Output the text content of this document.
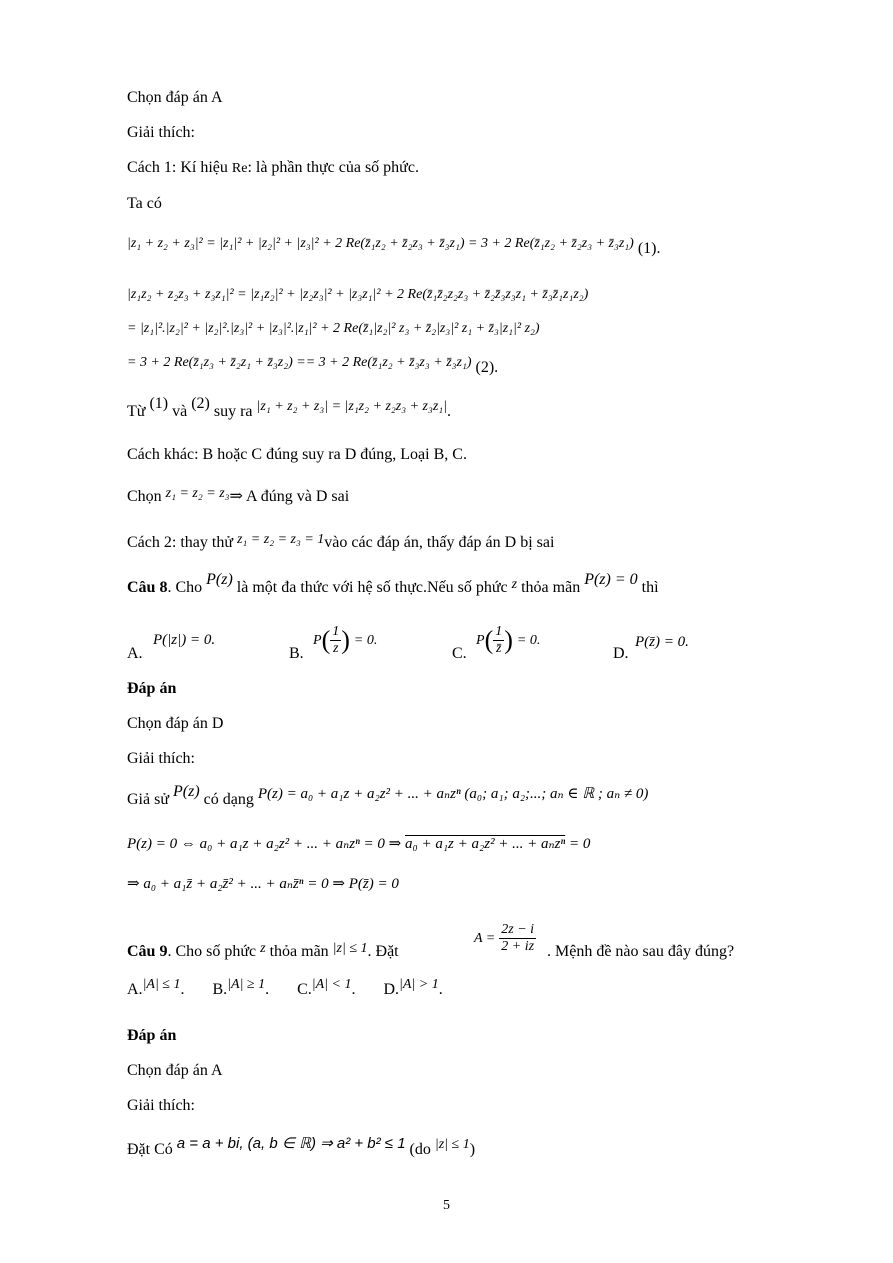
Chọn đáp án A
Giải thích:
Cách 1: Kí hiệu Re: là phần thực của số phức.
Ta có
|z₁ + z₂ + z₃|² = |z₁|² + |z₂|² + |z₃|² + 2 Re(z̄₁z₂ + z̄₂z₃ + z̄₃z₁) = 3 + 2 Re(z̄₁z₂ + z̄₂z₃ + z̄₃z₁) (1).
|z₁z₂ + z₂z₃ + z₃z₁|² = |z₁z₂|² + |z₂z₃|² + |z₃z₁|² + 2 Re(z̄₁z̄₂z₂z₃ + z̄₂z̄₃z₃z₁ + z̄₃z̄₁z₁z₂)
= |z₁|².|z₂|² + |z₂|².|z₃|² + |z₃|².|z₁|² + 2 Re(z̄₁|z₂|² z₃ + z̄₂|z₃|² z₁ + z̄₃|z₁|² z₂)
= 3 + 2 Re(z̄₁z₃ + z̄₂z₁ + z̄₃z₂) == 3 + 2 Re(z̄₁z₂ + z̄₃z₃ + z̄₃z₁) (2).
Từ (1) và (2) suy ra |z₁ + z₂ + z₃| = |z₁z₂ + z₂z₃ + z₃z₁|.
Cách khác: B hoặc C đúng suy ra D đúng, Loại B, C.
Chọn z₁ = z₂ = z₃⇒ A đúng và D sai
Cách 2: thay thử z₁ = z₂ = z₃ = 1vào các đáp án, thấy đáp án D bị sai
Câu 8. Cho P(z) là một đa thức với hệ số thực.Nếu số phức z thỏa mãn P(z) = 0 thì
A.
P(|z|) = 0.
B.
$P( \frac{1}{z}$ ) = 0.
C.
$P( \frac{1}{z̄}$ ) = 0.
D.
P(z̄) = 0.
Đáp án
Chọn đáp án D
Giải thích:
Giả sử P(z) có dạng P(z) = a₀ + a₁z + a₂z² + ... + aₙzⁿ (a₀; a₁; a₂;...; aₙ ∈ ℝ ; aₙ ≠ 0)
P(z) = 0 ⇔ a₀ + a₁z + a₂z² + ... + aₙzⁿ = 0 ⇒ a₀ + a₁z + a₂z² + ... + aₙzⁿ = 0
⇒ a₀ + a₁z̄ + a₂z̄² + ... + aₙz̄ⁿ = 0 ⇒ P(z̄) = 0
Câu 9. Cho số phức z thỏa mãn |z| ≤ 1. Đặt
$A = \frac{2z - i}{2 + iz}$ . Mệnh đề nào sau đây đúng?
A.|A| ≤ 1. B.|A| ≥ 1. C.|A| < 1. D.|A| > 1.
Đáp án
Chọn đáp án A
Giải thích:
Đặt Có a = a + bi, (a, b ∈ ℝ) ⇒ a² + b² ≤ 1 (do |z| ≤ 1)
5
